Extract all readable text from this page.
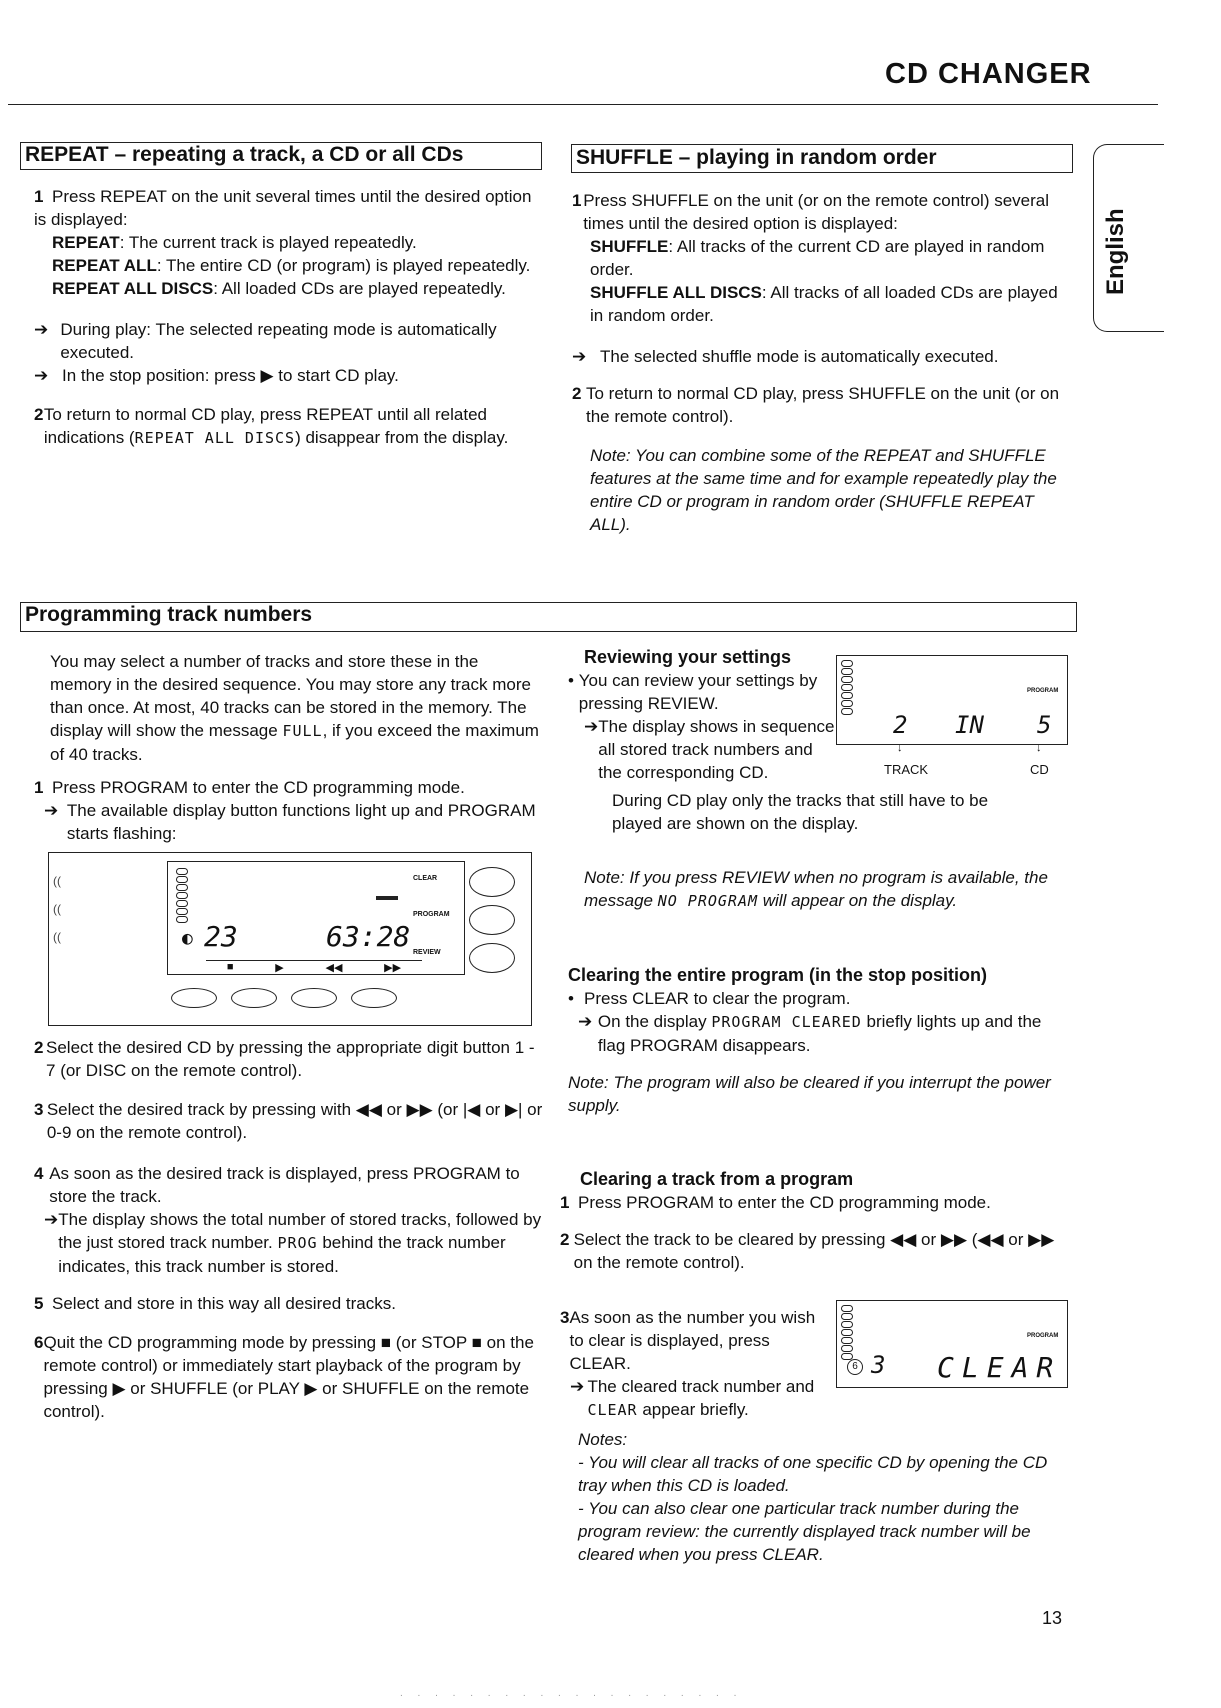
CD CHANGER
English
REPEAT – repeating a track, a CD or all CDs
1 Press REPEAT on the unit several times until the desired option is displayed:
REPEAT: The current track is played repeatedly.
REPEAT ALL: The entire CD (or program) is played repeatedly.
REPEAT ALL DISCS: All loaded CDs are played repeatedly.
➔ During play: The selected repeating mode is automatically executed.
➔ In the stop position: press ▶ to start CD play.
2 To return to normal CD play, press REPEAT until all related indications (REPEAT ALL DISCS) disappear from the display.
SHUFFLE – playing in random order
1 Press SHUFFLE on the unit (or on the remote control) several times until the desired option is displayed:
SHUFFLE: All tracks of the current CD are played in random order.
SHUFFLE ALL DISCS: All tracks of all loaded CDs are played in random order.
➔ The selected shuffle mode is automatically executed.
2 To return to normal CD play, press SHUFFLE on the unit (or on the remote control).
Note: You can combine some of the REPEAT and SHUFFLE features at the same time and for example repeatedly play the entire CD or program in random order (SHUFFLE REPEAT ALL).
Programming track numbers
You may select a number of tracks and store these in the memory in the desired sequence. You may store any track more than once. At most, 40 tracks can be stored in the memory. The display will show the message FULL, if you exceed the maximum of 40 tracks.
1 Press PROGRAM to enter the CD programming mode.
➔ The available display button functions light up and PROGRAM starts flashing:
((
((
((	◐ 23	63:28
■	▶	◀◀	▶▶
CLEAR
PROGRAM
REVIEW
2 Select the desired CD by pressing the appropriate digit button 1 - 7 (or DISC on the remote control).
3 Select the desired track by pressing with ◀◀ or ▶▶ (or |◀ or ▶| or 0-9 on the remote control).
4 As soon as the desired track is displayed, press PROGRAM to store the track.
➔ The display shows the total number of stored tracks, followed by the just stored track number. PROG behind the track number indicates, this track number is stored.
5 Select and store in this way all desired tracks.
6 Quit the CD programming mode by pressing ■ (or STOP ■ on the remote control) or immediately start playback of the program by pressing ▶ or SHUFFLE (or PLAY ▶ or SHUFFLE on the remote control).
Reviewing your settings
• You can review your settings by pressing REVIEW.
➔ The display shows in sequence all stored track numbers and the corresponding CD.
During CD play only the tracks that still have to be played are shown on the display.
PROGRAM
2 IN 5
↓	↓
TRACK	CD
Note: If you press REVIEW when no program is available, the message NO PROGRAM will appear on the display.
Clearing the entire program (in the stop position)
• Press CLEAR to clear the program.
➔ On the display PROGRAM CLEARED briefly lights up and the flag PROGRAM disappears.
Note: The program will also be cleared if you interrupt the power supply.
Clearing a track from a program
1 Press PROGRAM to enter the CD programming mode.
2 Select the track to be cleared by pressing ◀◀ or ▶▶ (◀◀ or ▶▶ on the remote control).
3 As soon as the number you wish to clear is displayed, press CLEAR.
➔ The cleared track number and CLEAR appear briefly.
PROGRAM
6 3 CLEAR
Notes:
- You will clear all tracks of one specific CD by opening the CD tray when this CD is loaded.
- You can also clear one particular track number during the program review: the currently displayed track number will be cleared when you press CLEAR.
13
. . . . . . . . . . . . . . . . . . . .
